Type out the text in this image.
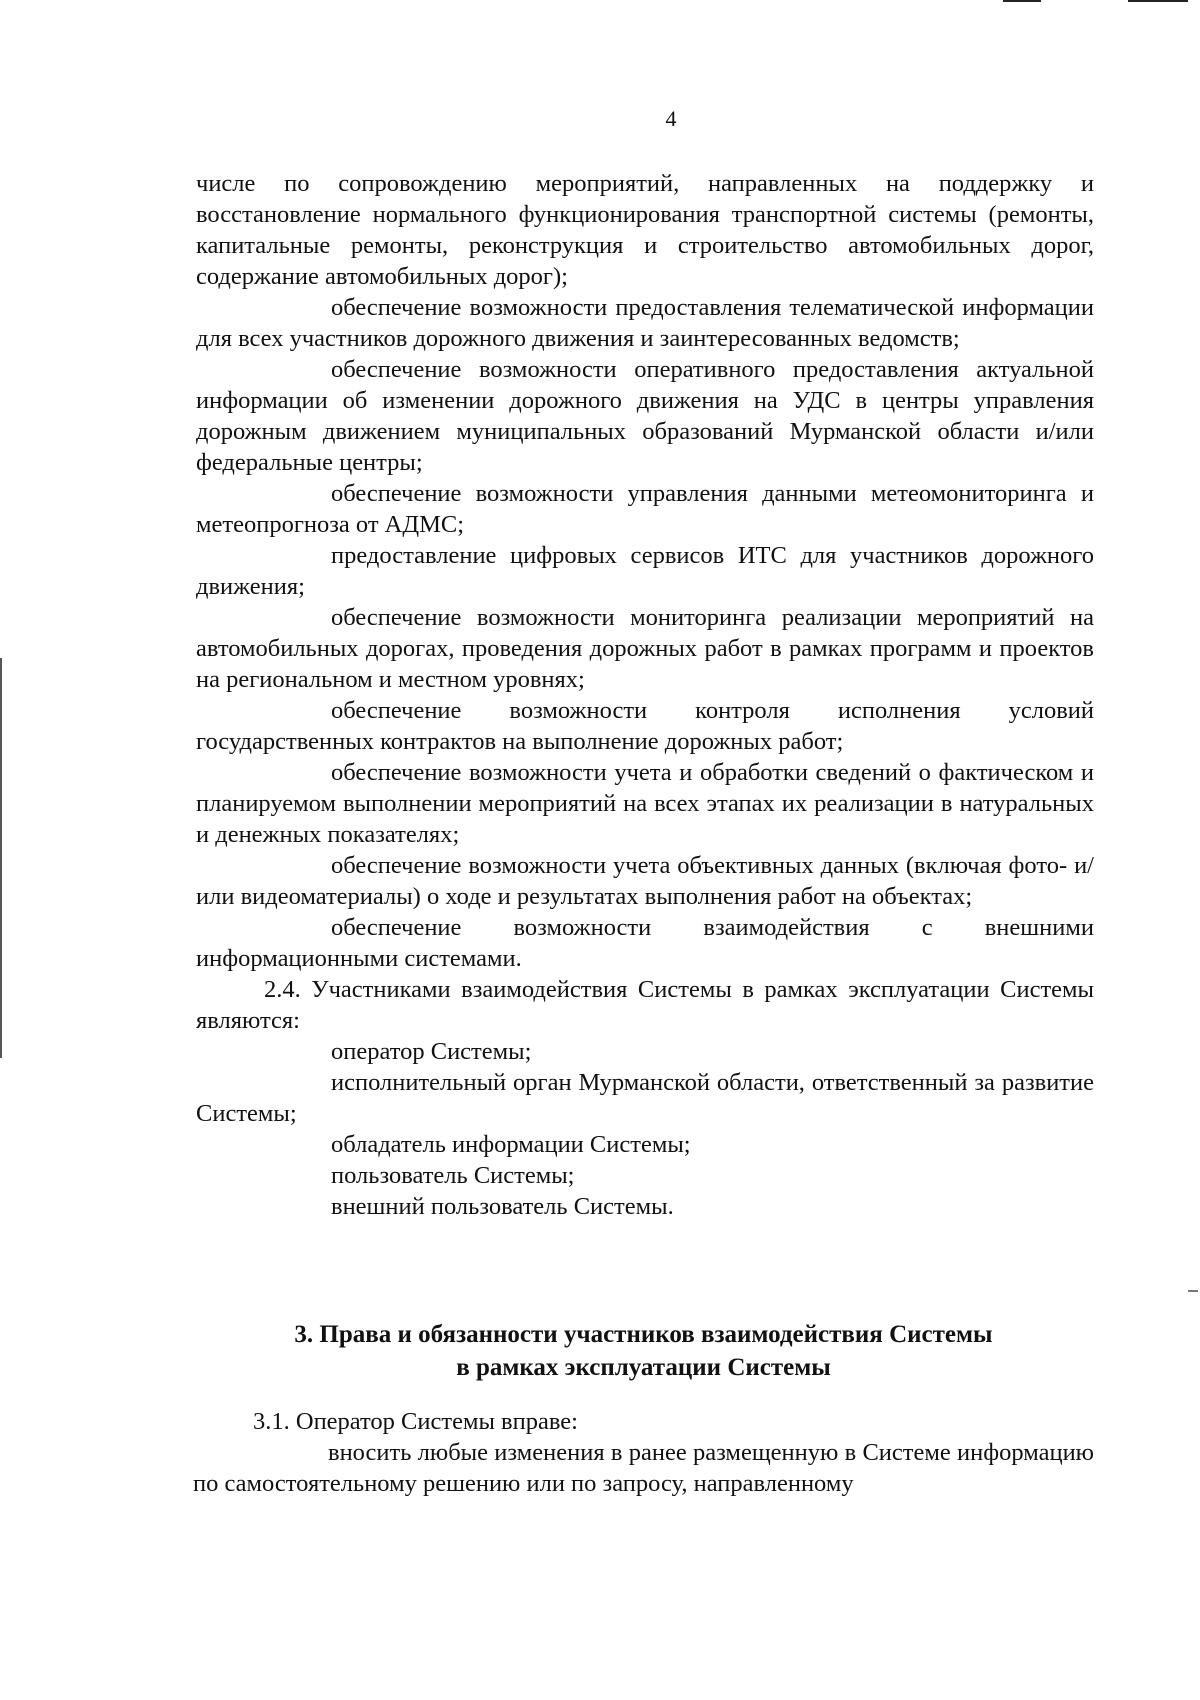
4

числе по сопровождению мероприятий, направленных на поддержку и восстановление нормального функционирования транспортной системы (ремонты, капитальные ремонты, реконструкция и строительство автомобильных дорог, содержание автомобильных дорог);

обеспечение возможности предоставления телематической информации для всех участников дорожного движения и заинтересованных ведомств;

обеспечение возможности оперативного предоставления актуальной информации об изменении дорожного движения на УДС в центры управления дорожным движением муниципальных образований Мурманской области и/или федеральные центры;

обеспечение возможности управления данными метеомониторинга и метеопрогноза от АДМС;

предоставление цифровых сервисов ИТС для участников дорожного движения;

обеспечение возможности мониторинга реализации мероприятий на автомобильных дорогах, проведения дорожных работ в рамках программ и проектов на региональном и местном уровнях;

обеспечение возможности контроля исполнения условий государственных контрактов на выполнение дорожных работ;

обеспечение возможности учета и обработки сведений о фактическом и планируемом выполнении мероприятий на всех этапах их реализации в натуральных и денежных показателях;

обеспечение возможности учета объективных данных (включая фото- и/или видеоматериалы) о ходе и результатах выполнения работ на объектах;

обеспечение возможности взаимодействия с внешними информационными системами.

2.4. Участниками взаимодействия Системы в рамках эксплуатации Системы являются:

оператор Системы;

исполнительный орган Мурманской области, ответственный за развитие Системы;

обладатель информации Системы;

пользователь Системы;

внешний пользователь Системы.

3. Права и обязанности участников взаимодействия Системы
в рамках эксплуатации Системы

3.1. Оператор Системы вправе:

вносить любые изменения в ранее размещенную в Системе информацию по самостоятельному решению или по запросу, направленному
